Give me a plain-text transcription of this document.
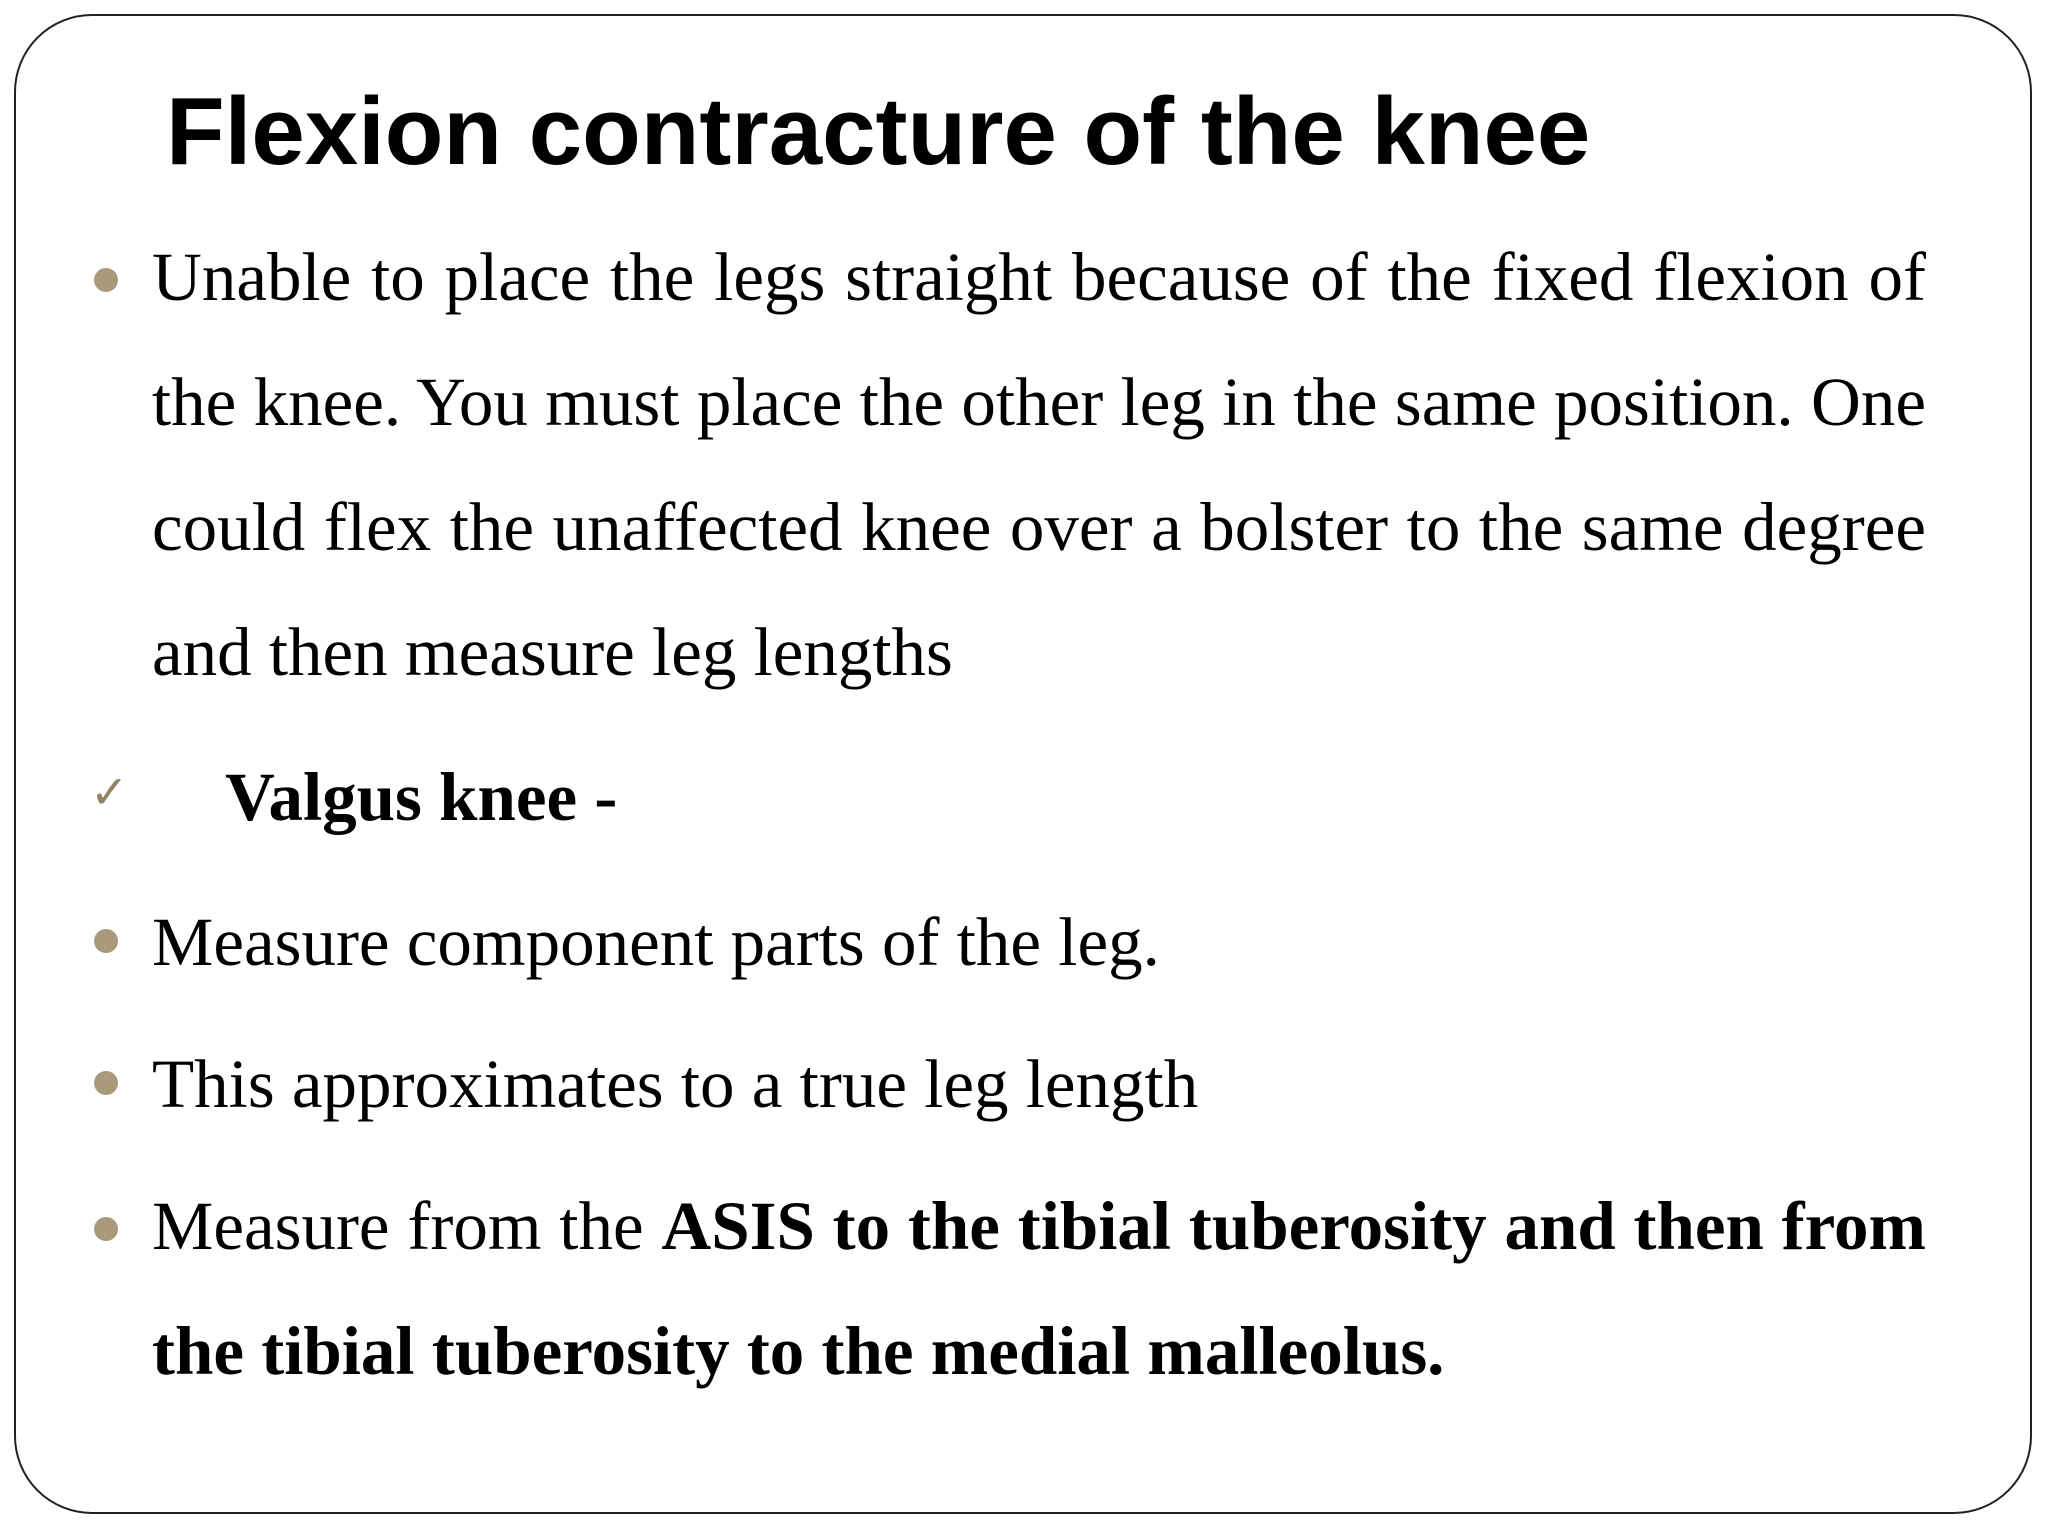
Flexion contracture of the knee

Unable to place the legs straight because of the fixed flexion of the knee. You must place the other leg in the same position. One could flex the unaffected knee over a bolster to the same degree and then measure leg lengths

✓ Valgus knee -

Measure component parts of the leg.

This approximates to a true leg length

Measure from the ASIS to the tibial tuberosity and then from the tibial tuberosity to the medial malleolus.
